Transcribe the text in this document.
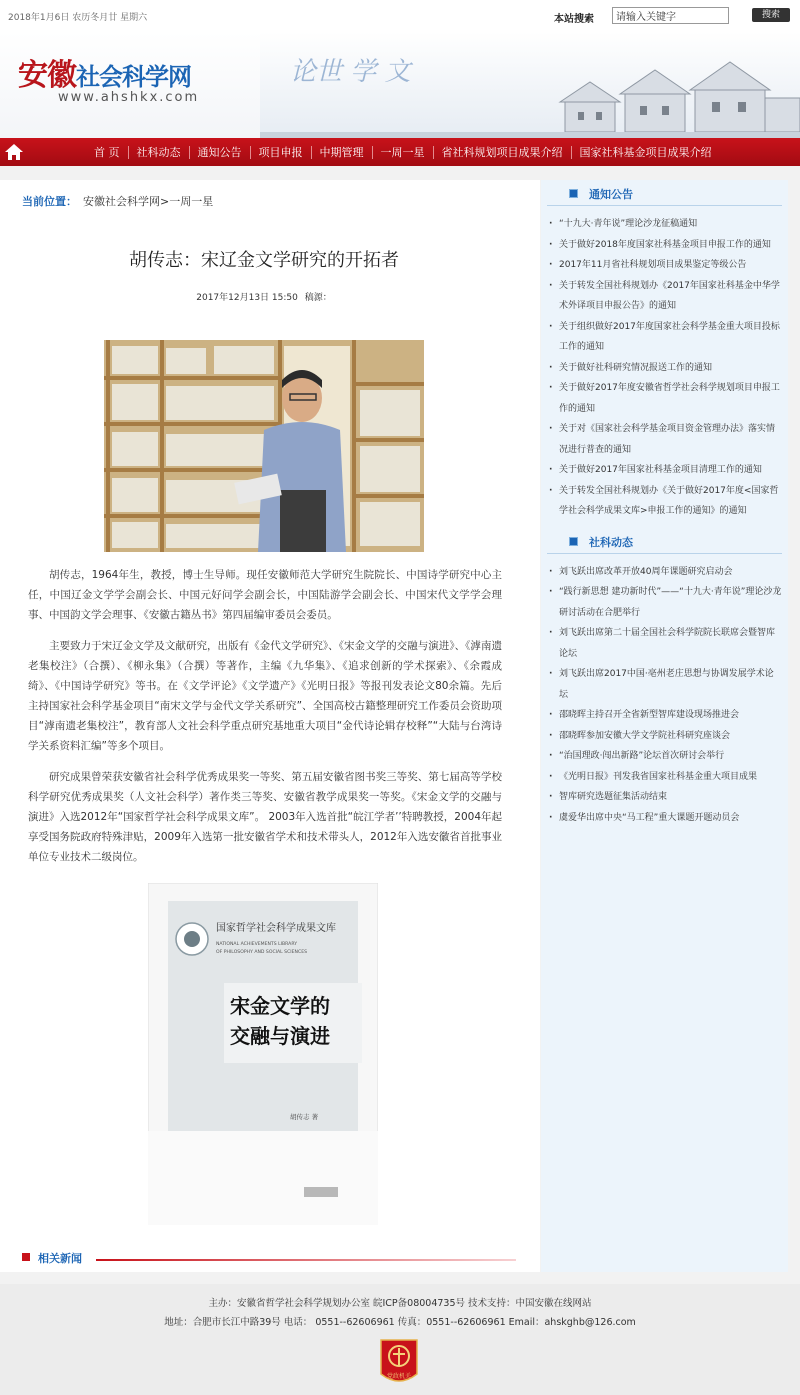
2018年1月6日 农历冬月廿 星期六	本站搜索
请输入关键字	搜索
安徽社会科学网
www.ahshkx.com
论世 学 文
首 页	社科动态	通知公告	项目申报	中期管理	一周一星	省社科规划项目成果介绍	国家社科基金项目成果介绍
当前位置： 安徽社会科学网>一周一星
胡传志：宋辽金文学研究的开拓者
2017年12月13日 15:50 稿源：

胡传志，1964年生，教授，博士生导师。现任安徽师范大学研究生院院长、中国诗学研究中心主任，中国辽金文学学会副会长、中国元好问学会副会长，中国陆游学会副会长、中国宋代文学学会理事、中国韵文学会理事、《安徽古籍丛书》第四届编审委员会委员。

主要致力于宋辽金文学及文献研究，出版有《金代文学研究》、《宋金文学的交融与演进》、《滹南遗老集校注》（合撰）、《柳永集》（合撰）等著作，主编《九华集》、《追求创新的学术探索》、《余霞成绮》、《中国诗学研究》等书。在《文学评论》《文学遗产》《光明日报》等报刊发表论文80余篇。先后主持国家社会科学基金项目“南宋文学与金代文学关系研究”、全国高校古籍整理研究工作委员会资助项目“滹南遗老集校注”，教育部人文社会科学重点研究基地重大项目“金代诗论辑存校释”“大陆与台湾诗学关系资料汇编”等多个项目。

研究成果曾荣获安徽省社会科学优秀成果奖一等奖、第五届安徽省图书奖三等奖、第七届高等学校科学研究优秀成果奖（人文社会科学）著作类三等奖、安徽省教学成果奖一等奖。《宋金文学的交融与演进》入选2012年“国家哲学社会科学成果文库”。 2003年入选首批“皖江学者’’特聘教授，2004年起享受国务院政府特殊津贴，2009年入选第一批安徽省学术和技术带头人，2012年入选安徽省首批事业单位专业技术二级岗位。

国家哲学社会科学成果文库
NATIONAL ACHIEVEMENTS LIBRARY
OF PHILOSOPHY AND SOCIAL SCIENCES
宋金文学的
交融与演进
胡传志 著
相关新闻
通知公告
· “十九大·青年说”理论沙龙征稿通知
· 关于做好2018年度国家社科基金项目申报工作的通知
· 2017年11月省社科规划项目成果鉴定等级公告
· 关于转发全国社科规划办《2017年国家社科基金中华学术外译项目申报公告》的通知
· 关于组织做好2017年度国家社会科学基金重大项目投标工作的通知
· 关于做好社科研究情况报送工作的通知
· 关于做好2017年度安徽省哲学社会科学规划项目申报工作的通知
· 关于对《国家社会科学基金项目资金管理办法》落实情况进行普查的通知
· 关于做好2017年国家社科基金项目清理工作的通知
· 关于转发全国社科规划办《关于做好2017年度<国家哲学社会科学成果文库>申报工作的通知》的通知
社科动态
· 刘飞跃出席改革开放40周年课题研究启动会
· “践行新思想 建功新时代”——“十九大·青年说”理论沙龙研讨活动在合肥举行
· 刘飞跃出席第二十届全国社会科学院院长联席会暨智库论坛
· 刘飞跃出席2017中国·亳州老庄思想与协调发展学术论坛
· 邵晓晖主持召开全省新型智库建设现场推进会
· 邵晓晖参加安徽大学文学院社科研究座谈会
· “治国理政·闯出新路”论坛首次研讨会举行
· 《光明日报》刊发我省国家社科基金重大项目成果
· 智库研究选题征集活动结束
· 虞爱华出席中央“马工程”重大课题开题动员会
主办：安徽省哲学社会科学规划办公室 皖ICP备08004735号 技术支持：中国安徽在线网站
地址：合肥市长江中路39号 电话： 0551--62606961 传真：0551--62606961 Email：ahskghb@126.com
党政机关
